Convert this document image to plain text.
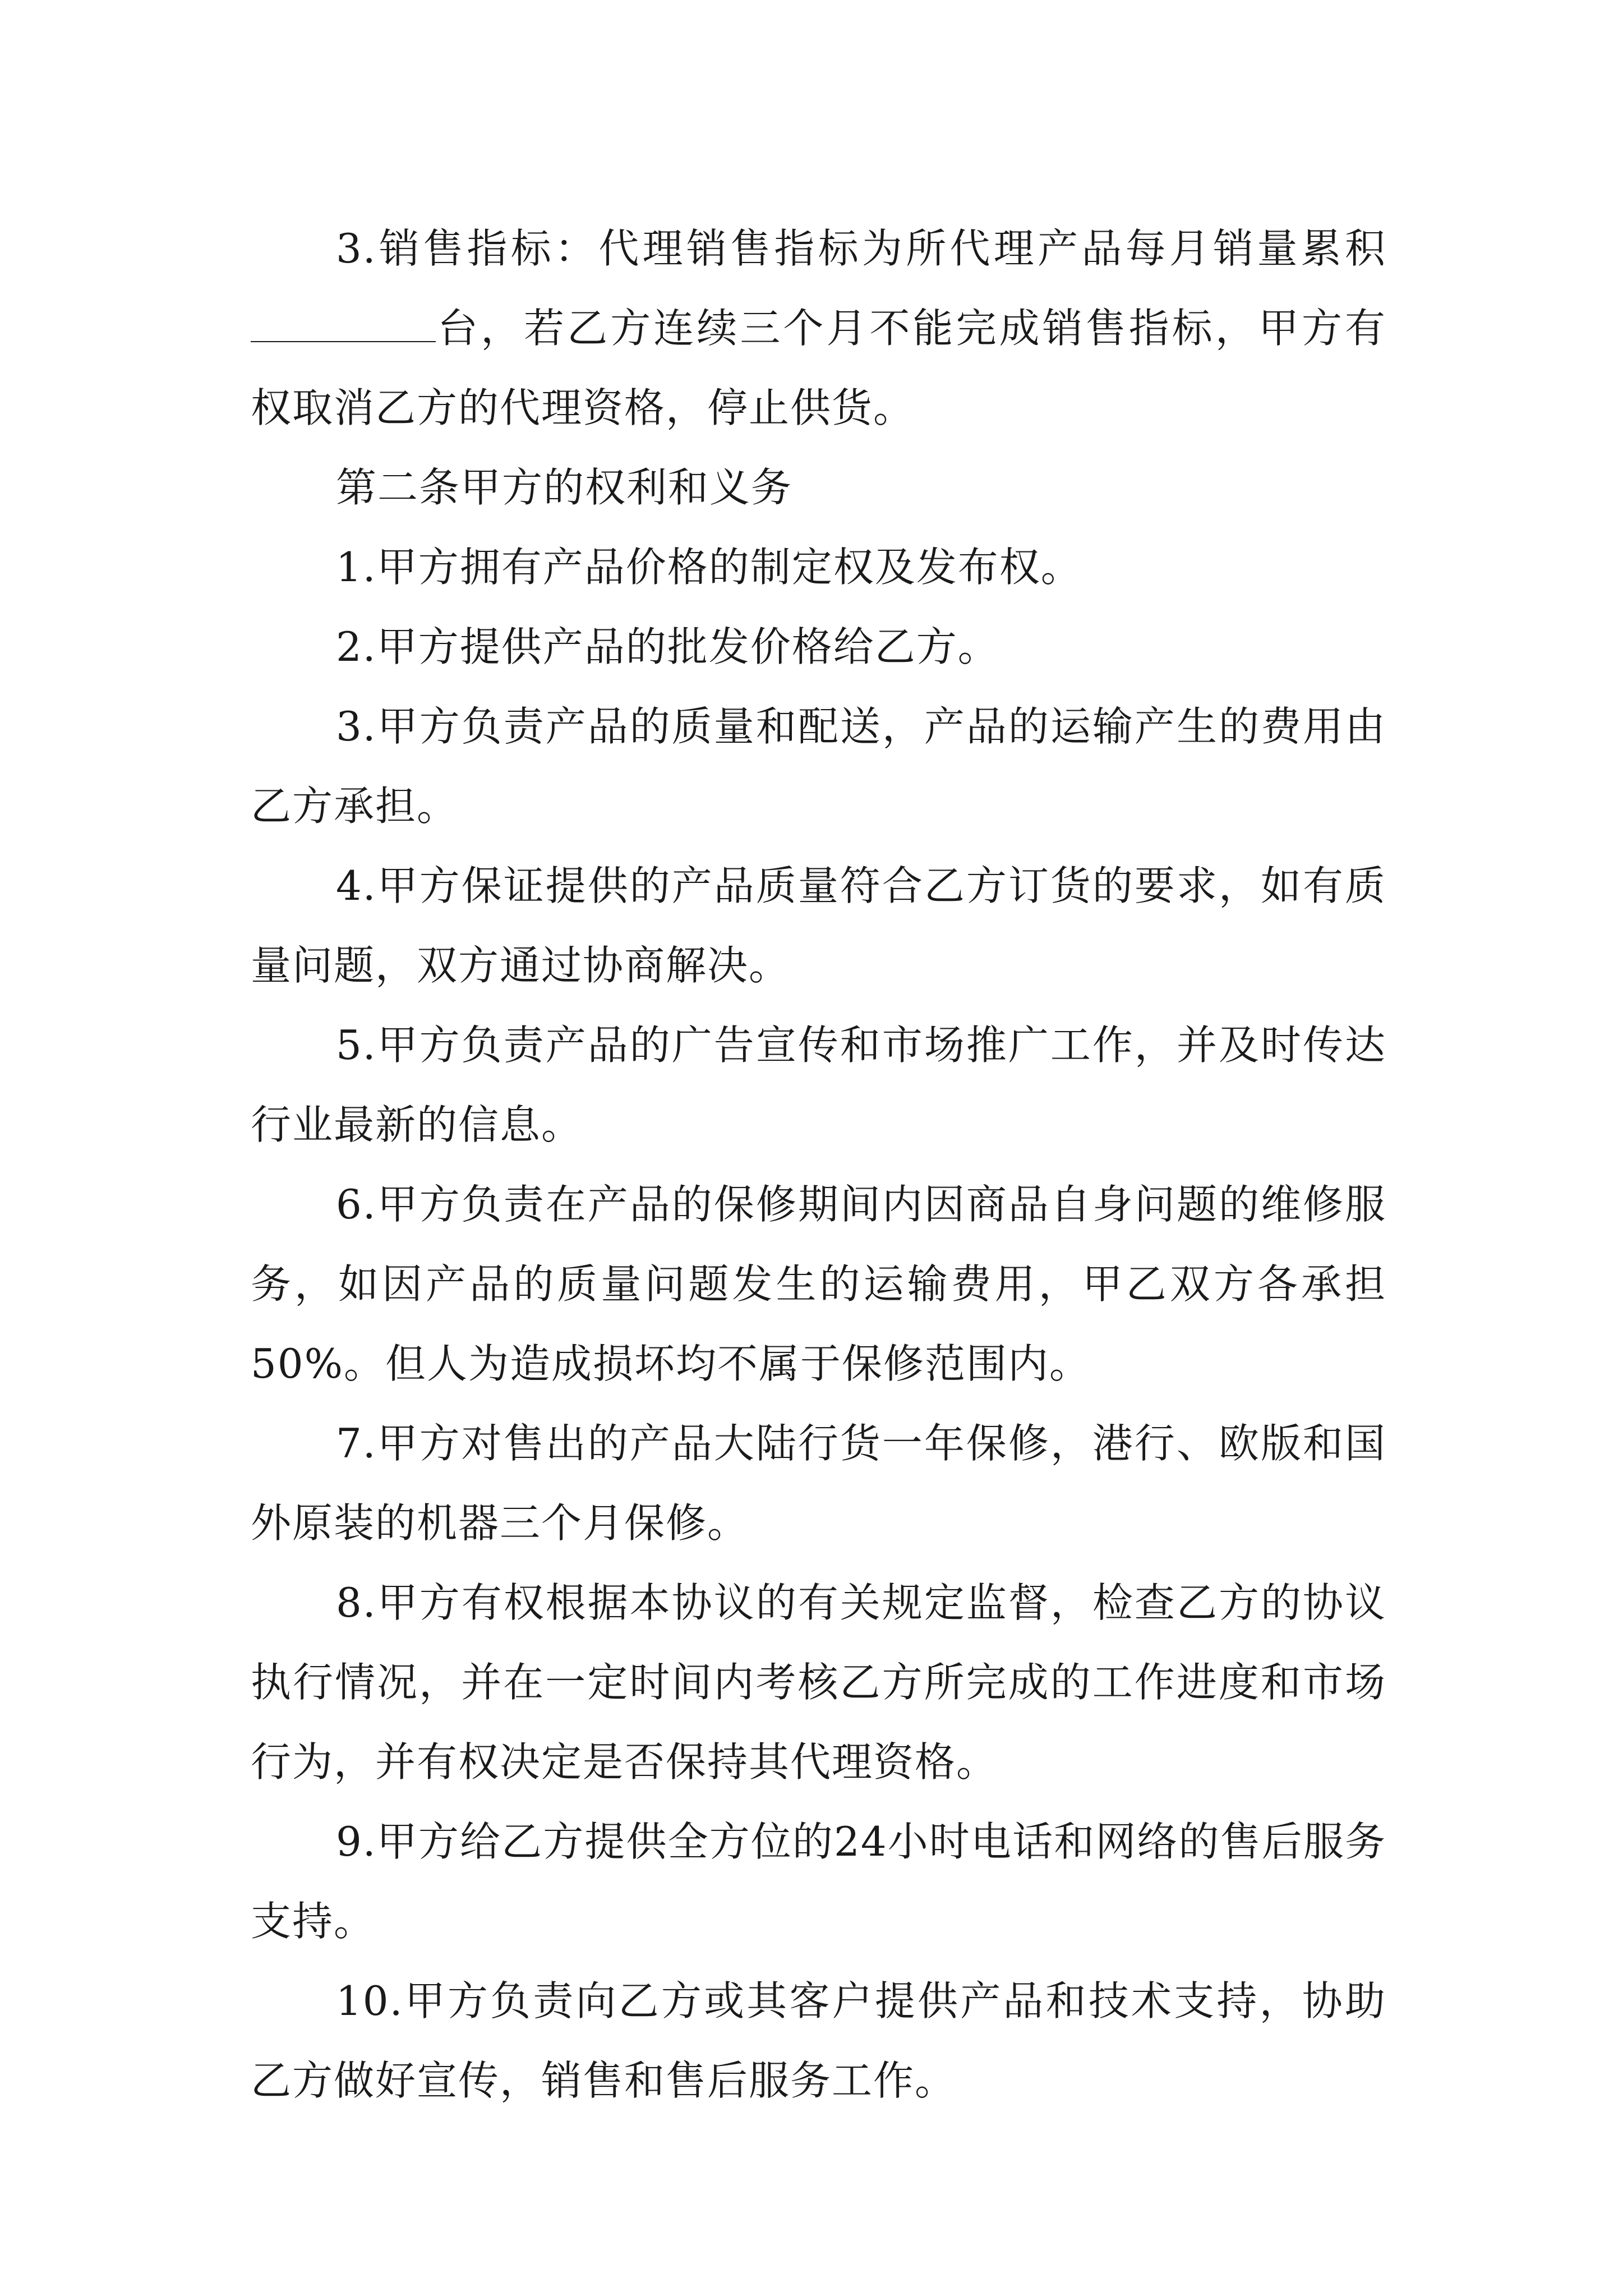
3.销售指标：代理销售指标为所代理产品每月销量累积台，若乙方连续三个月不能完成销售指标，甲方有权取消乙方的代理资格，停止供货。

第二条甲方的权利和义务

1.甲方拥有产品价格的制定权及发布权。

2.甲方提供产品的批发价格给乙方。

3.甲方负责产品的质量和配送，产品的运输产生的费用由乙方承担。

4.甲方保证提供的产品质量符合乙方订货的要求，如有质量问题，双方通过协商解决。

5.甲方负责产品的广告宣传和市场推广工作，并及时传达行业最新的信息。

6.甲方负责在产品的保修期间内因商品自身问题的维修服务，如因产品的质量问题发生的运输费用，甲乙双方各承担50%。但人为造成损坏均不属于保修范围内。

7.甲方对售出的产品大陆行货一年保修，港行、欧版和国外原装的机器三个月保修。

8.甲方有权根据本协议的有关规定监督，检查乙方的协议执行情况，并在一定时间内考核乙方所完成的工作进度和市场行为，并有权决定是否保持其代理资格。

9.甲方给乙方提供全方位的24小时电话和网络的售后服务支持。

10.甲方负责向乙方或其客户提供产品和技术支持，协助乙方做好宣传，销售和售后服务工作。
